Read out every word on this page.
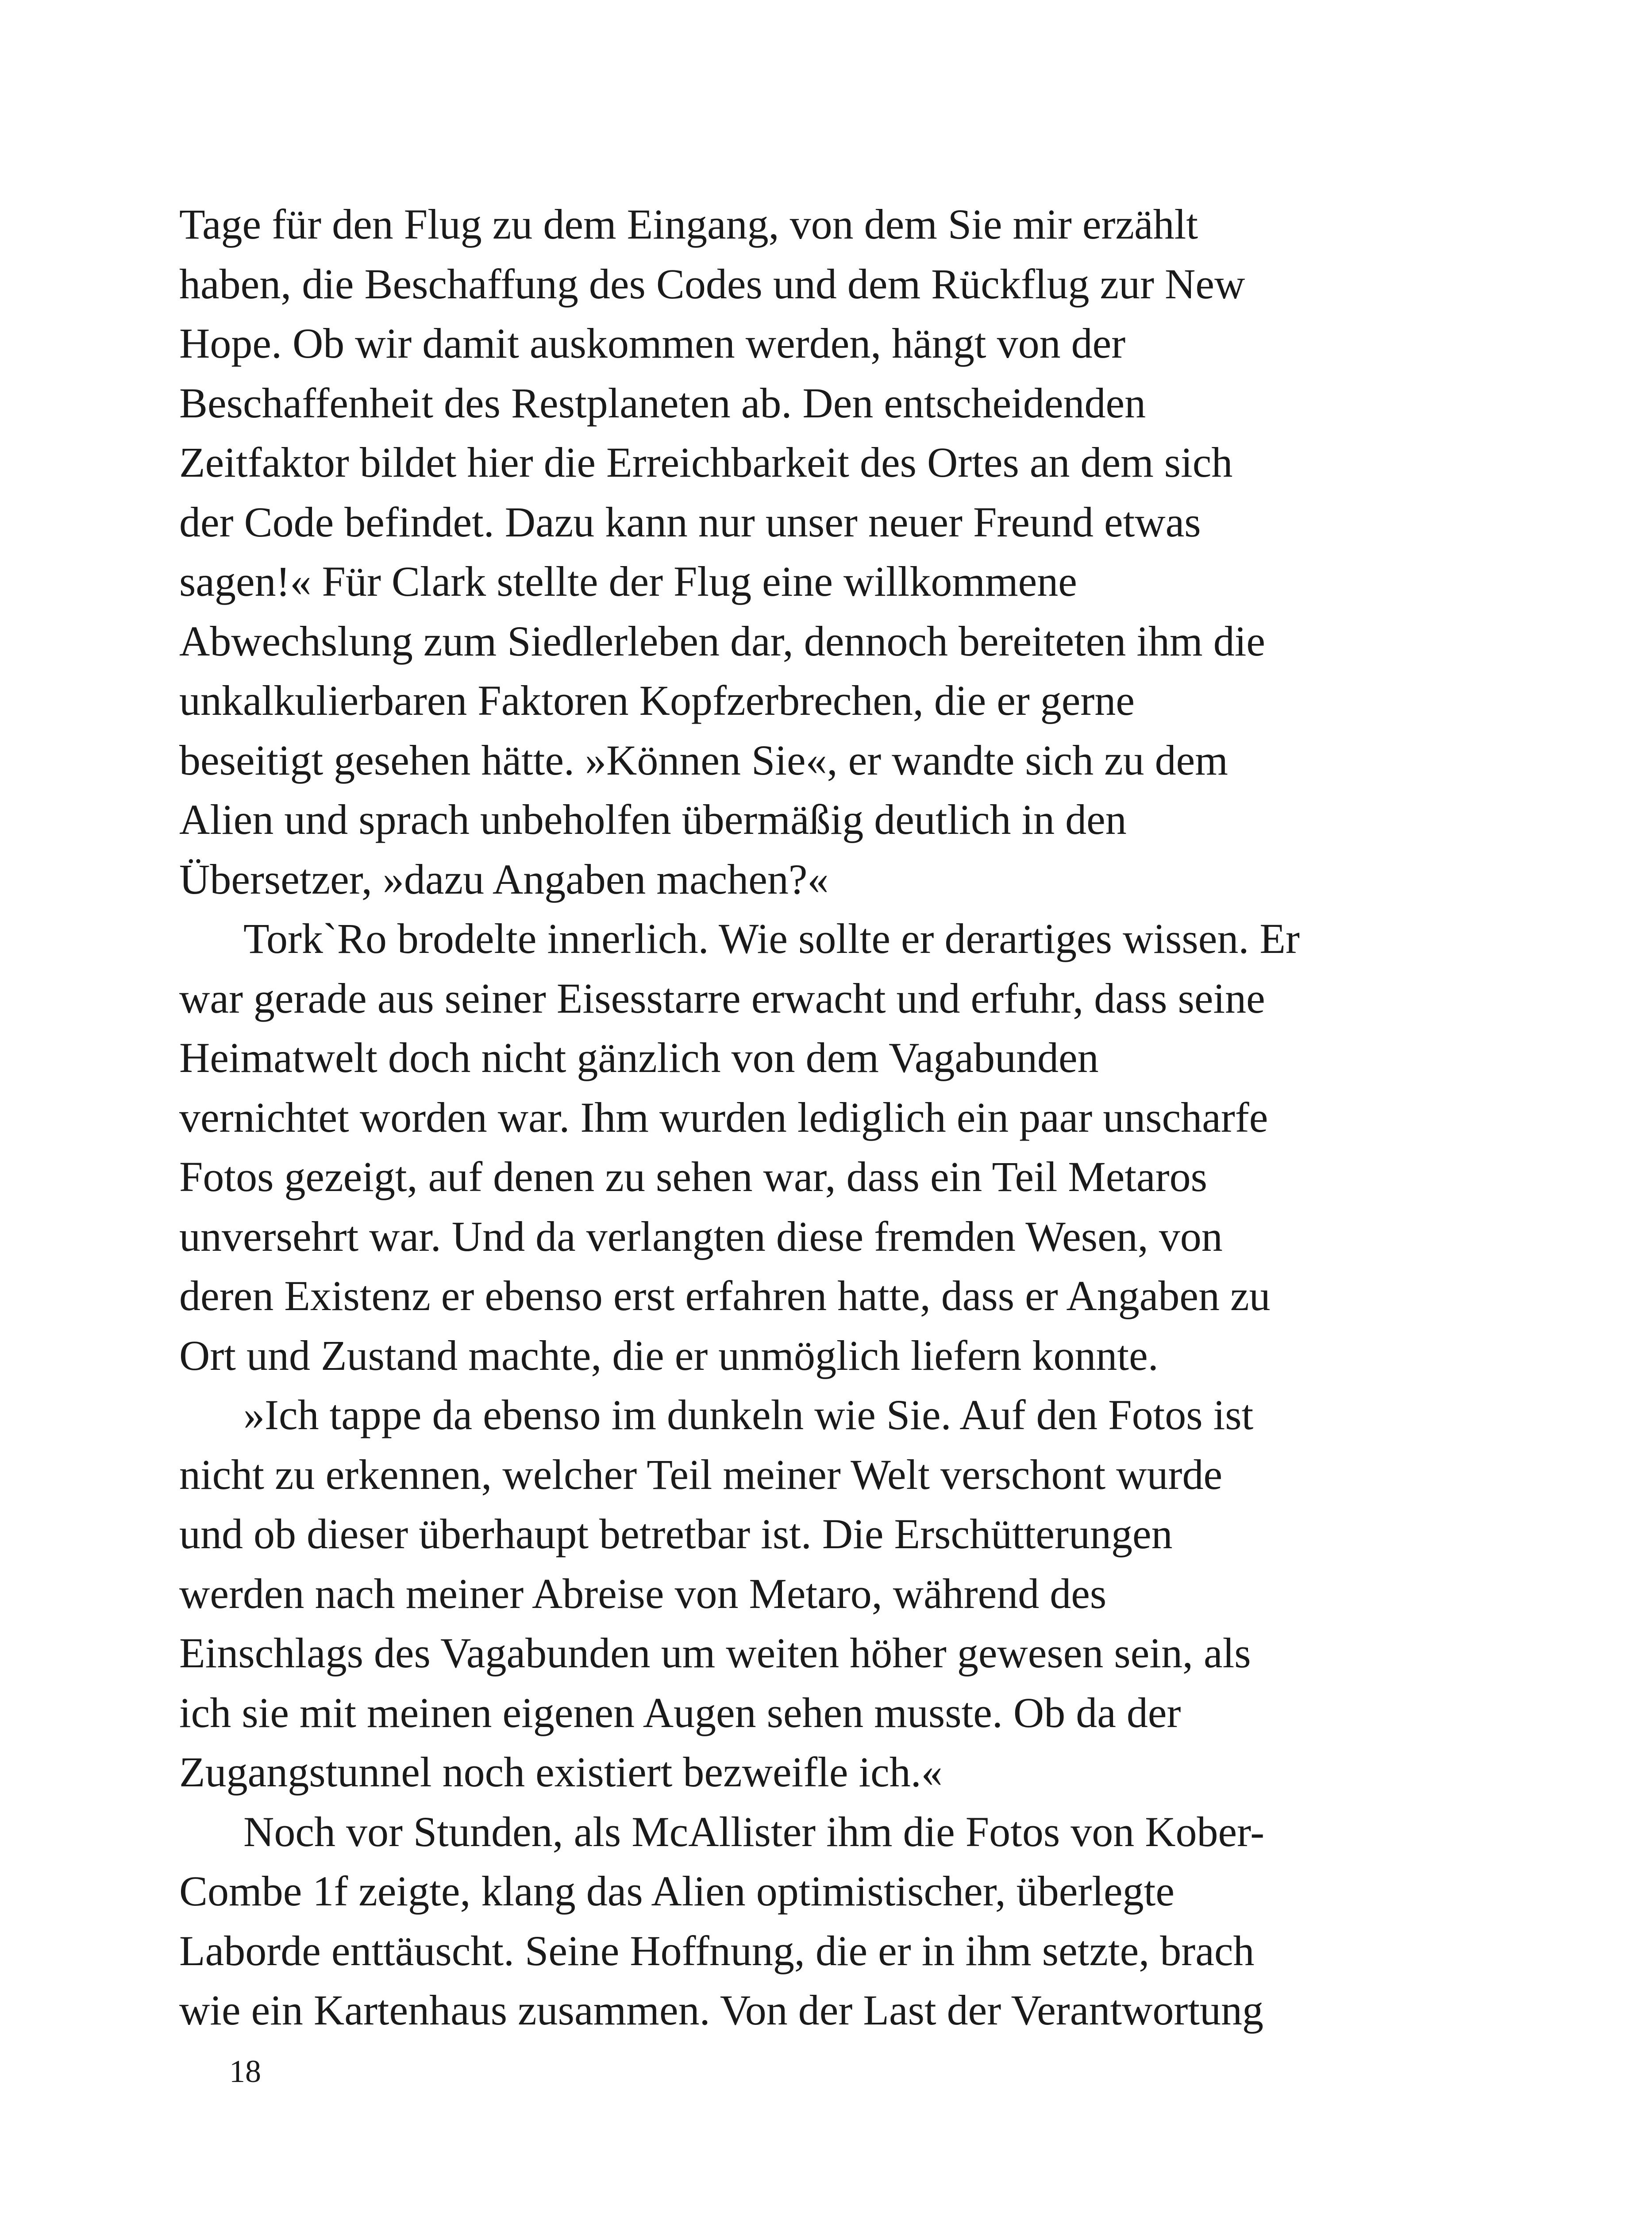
Tage für den Flug zu dem Eingang, von dem Sie mir erzählt
haben, die Beschaffung des Codes und dem Rückflug zur New
Hope. Ob wir damit auskommen werden, hängt von der
Beschaffenheit des Restplaneten ab. Den entscheidenden
Zeitfaktor bildet hier die Erreichbarkeit des Ortes an dem sich
der Code befindet. Dazu kann nur unser neuer Freund etwas
sagen!« Für Clark stellte der Flug eine willkommene
Abwechslung zum Siedlerleben dar, dennoch bereiteten ihm die
unkalkulierbaren Faktoren Kopfzerbrechen, die er gerne
beseitigt gesehen hätte. »Können Sie«, er wandte sich zu dem
Alien und sprach unbeholfen übermäßig deutlich in den
Übersetzer, »dazu Angaben machen?«
Tork`Ro brodelte innerlich. Wie sollte er derartiges wissen. Er
war gerade aus seiner Eisesstarre erwacht und erfuhr, dass seine
Heimatwelt doch nicht gänzlich von dem Vagabunden
vernichtet worden war. Ihm wurden lediglich ein paar unscharfe
Fotos gezeigt, auf denen zu sehen war, dass ein Teil Metaros
unversehrt war. Und da verlangten diese fremden Wesen, von
deren Existenz er ebenso erst erfahren hatte, dass er Angaben zu
Ort und Zustand machte, die er unmöglich liefern konnte.
»Ich tappe da ebenso im dunkeln wie Sie. Auf den Fotos ist
nicht zu erkennen, welcher Teil meiner Welt verschont wurde
und ob dieser überhaupt betretbar ist. Die Erschütterungen
werden nach meiner Abreise von Metaro, während des
Einschlags des Vagabunden um weiten höher gewesen sein, als
ich sie mit meinen eigenen Augen sehen musste. Ob da der
Zugangstunnel noch existiert bezweifle ich.«
Noch vor Stunden, als McAllister ihm die Fotos von Kober-
Combe 1f zeigte, klang das Alien optimistischer, überlegte
Laborde enttäuscht. Seine Hoffnung, die er in ihm setzte, brach
wie ein Kartenhaus zusammen. Von der Last der Verantwortung
18
